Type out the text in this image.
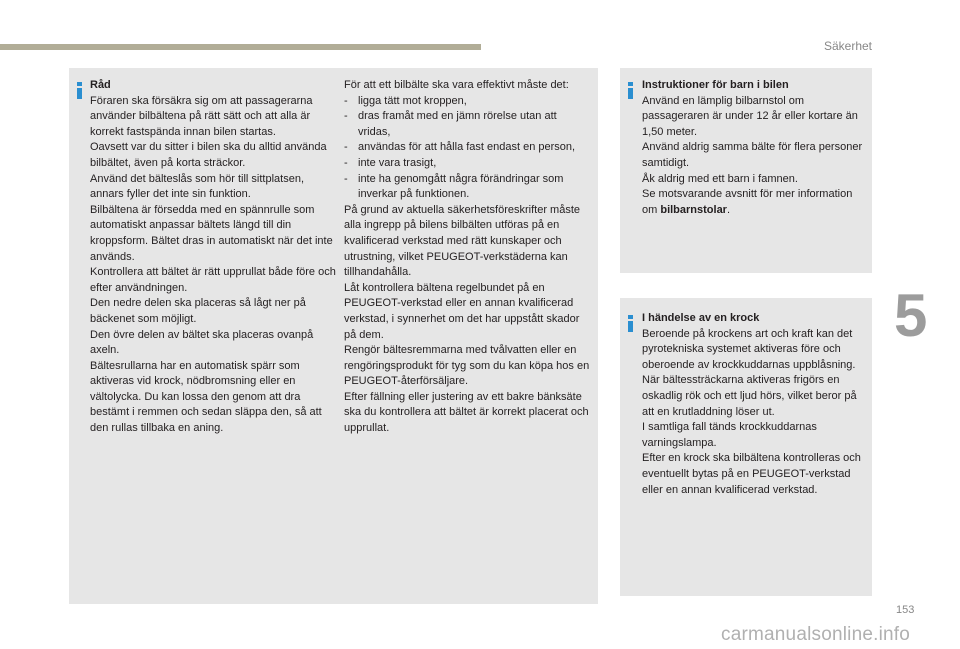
Säkerhet
5

Råd

Föraren ska försäkra sig om att passagerarna använder bilbältena på rätt sätt och att alla är korrekt fastspända innan bilen startas.

Oavsett var du sitter i bilen ska du alltid använda bilbältet, även på korta sträckor.

Använd det bälteslås som hör till sittplatsen, annars fyller det inte sin funktion.

Bilbältena är försedda med en spännrulle som automatiskt anpassar bältets längd till din kroppsform. Bältet dras in automatiskt när det inte används.

Kontrollera att bältet är rätt upprullat både före och efter användningen.

Den nedre delen ska placeras så lågt ner på bäckenet som möjligt.

Den övre delen av bältet ska placeras ovanpå axeln.

Bältesrullarna har en automatisk spärr som aktiveras vid krock, nödbromsning eller en vältolycka. Du kan lossa den genom att dra bestämt i remmen och sedan släppa den, så att den rullas tillbaka en aning.

För att ett bilbälte ska vara effektivt måste det:

- ligga tätt mot kroppen,
- dras framåt med en jämn rörelse utan att vridas,
- användas för att hålla fast endast en person,
- inte vara trasigt,
- inte ha genomgått några förändringar som inverkar på funktionen.

På grund av aktuella säkerhetsföreskrifter måste alla ingrepp på bilens bilbälten utföras på en kvalificerad verkstad med rätt kunskaper och utrustning, vilket PEUGEOT-verkstäderna kan tillhandahålla.

Låt kontrollera bältena regelbundet på en PEUGEOT-verkstad eller en annan kvalificerad verkstad, i synnerhet om det har uppstått skador på dem.

Rengör bältesremmarna med tvålvatten eller en rengöringsprodukt för tyg som du kan köpa hos en PEUGEOT-återförsäljare.

Efter fällning eller justering av ett bakre bänksäte ska du kontrollera att bältet är korrekt placerat och upprullat.

Instruktioner för barn i bilen

Använd en lämplig bilbarnstol om passageraren är under 12 år eller kortare än 1,50 meter.

Använd aldrig samma bälte för flera personer samtidigt.

Åk aldrig med ett barn i famnen.

Se motsvarande avsnitt för mer information om bilbarnstolar.

I händelse av en krock

Beroende på krockens art och kraft kan det pyrotekniska systemet aktiveras före och oberoende av krockkuddarnas uppblåsning. När bältessträckarna aktiveras frigörs en oskadlig rök och ett ljud hörs, vilket beror på att en krutladdning löser ut.

I samtliga fall tänds krockkuddarnas varningslampa.

Efter en krock ska bilbältena kontrolleras och eventuellt bytas på en PEUGEOT-verkstad eller en annan kvalificerad verkstad.

153
carmanualsonline.info
